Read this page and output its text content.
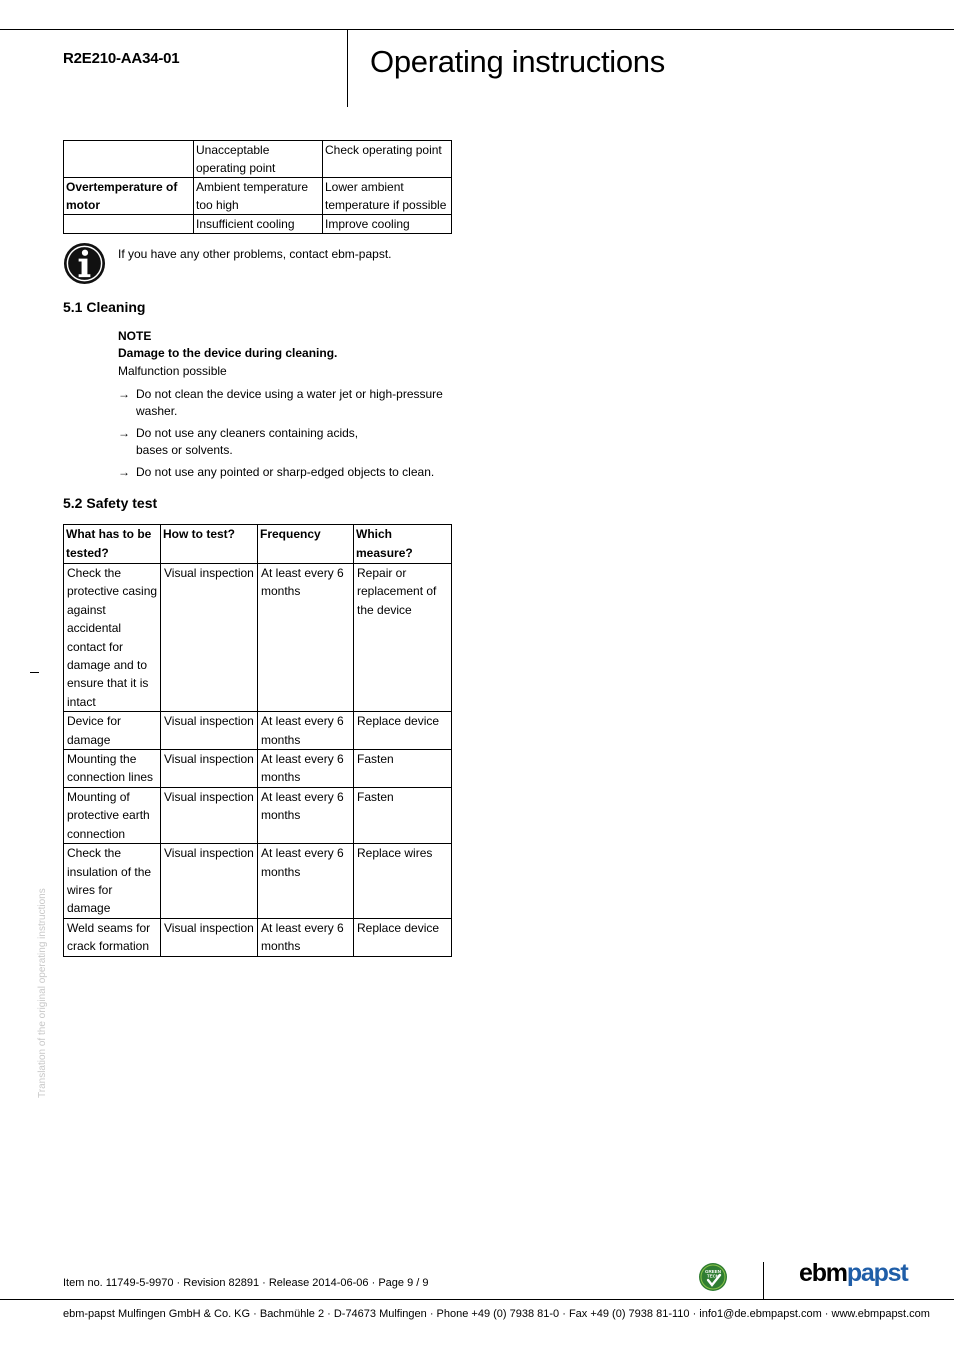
R2E210-AA34-01	Operating instructions
	Unacceptable operating point	Check operating point
Overtemperature of motor	Ambient temperature too high	Lower ambient temperature if possible
	Insufficient cooling	Improve cooling
If you have any other problems, contact ebm-papst.
5.1 Cleaning
NOTE
Damage to the device during cleaning.
Malfunction possible
→ Do not clean the device using a water jet or high-pressure
washer.
→ Do not use any cleaners containing acids,
bases or solvents.
→ Do not use any pointed or sharp-edged objects to clean.
5.2 Safety test
What has to be tested?	How to test?	Frequency	Which measure?
Check the protective casing against accidental contact for damage and to ensure that it is intact	Visual inspection	At least every 6 months	Repair or replacement of the device
Device for damage	Visual inspection	At least every 6 months	Replace device
Mounting the connection lines	Visual inspection	At least every 6 months	Fasten
Mounting of protective earth connection	Visual inspection	At least every 6 months	Fasten
Check the insulation of the wires for damage	Visual inspection	At least every 6 months	Replace wires
Weld seams for crack formation	Visual inspection	At least every 6 months	Replace device
Translation of the original operating instructions
Item no. 11749-5-9970 · Revision 82891 · Release 2014-06-06 · Page 9 / 9
GREEN
TECH	ebmpapst
ebm-papst Mulfingen GmbH & Co. KG · Bachmühle 2 · D-74673 Mulfingen · Phone +49 (0) 7938 81-0 · Fax +49 (0) 7938 81-110 · info1@de.ebmpapst.com · www.ebmpapst.com
